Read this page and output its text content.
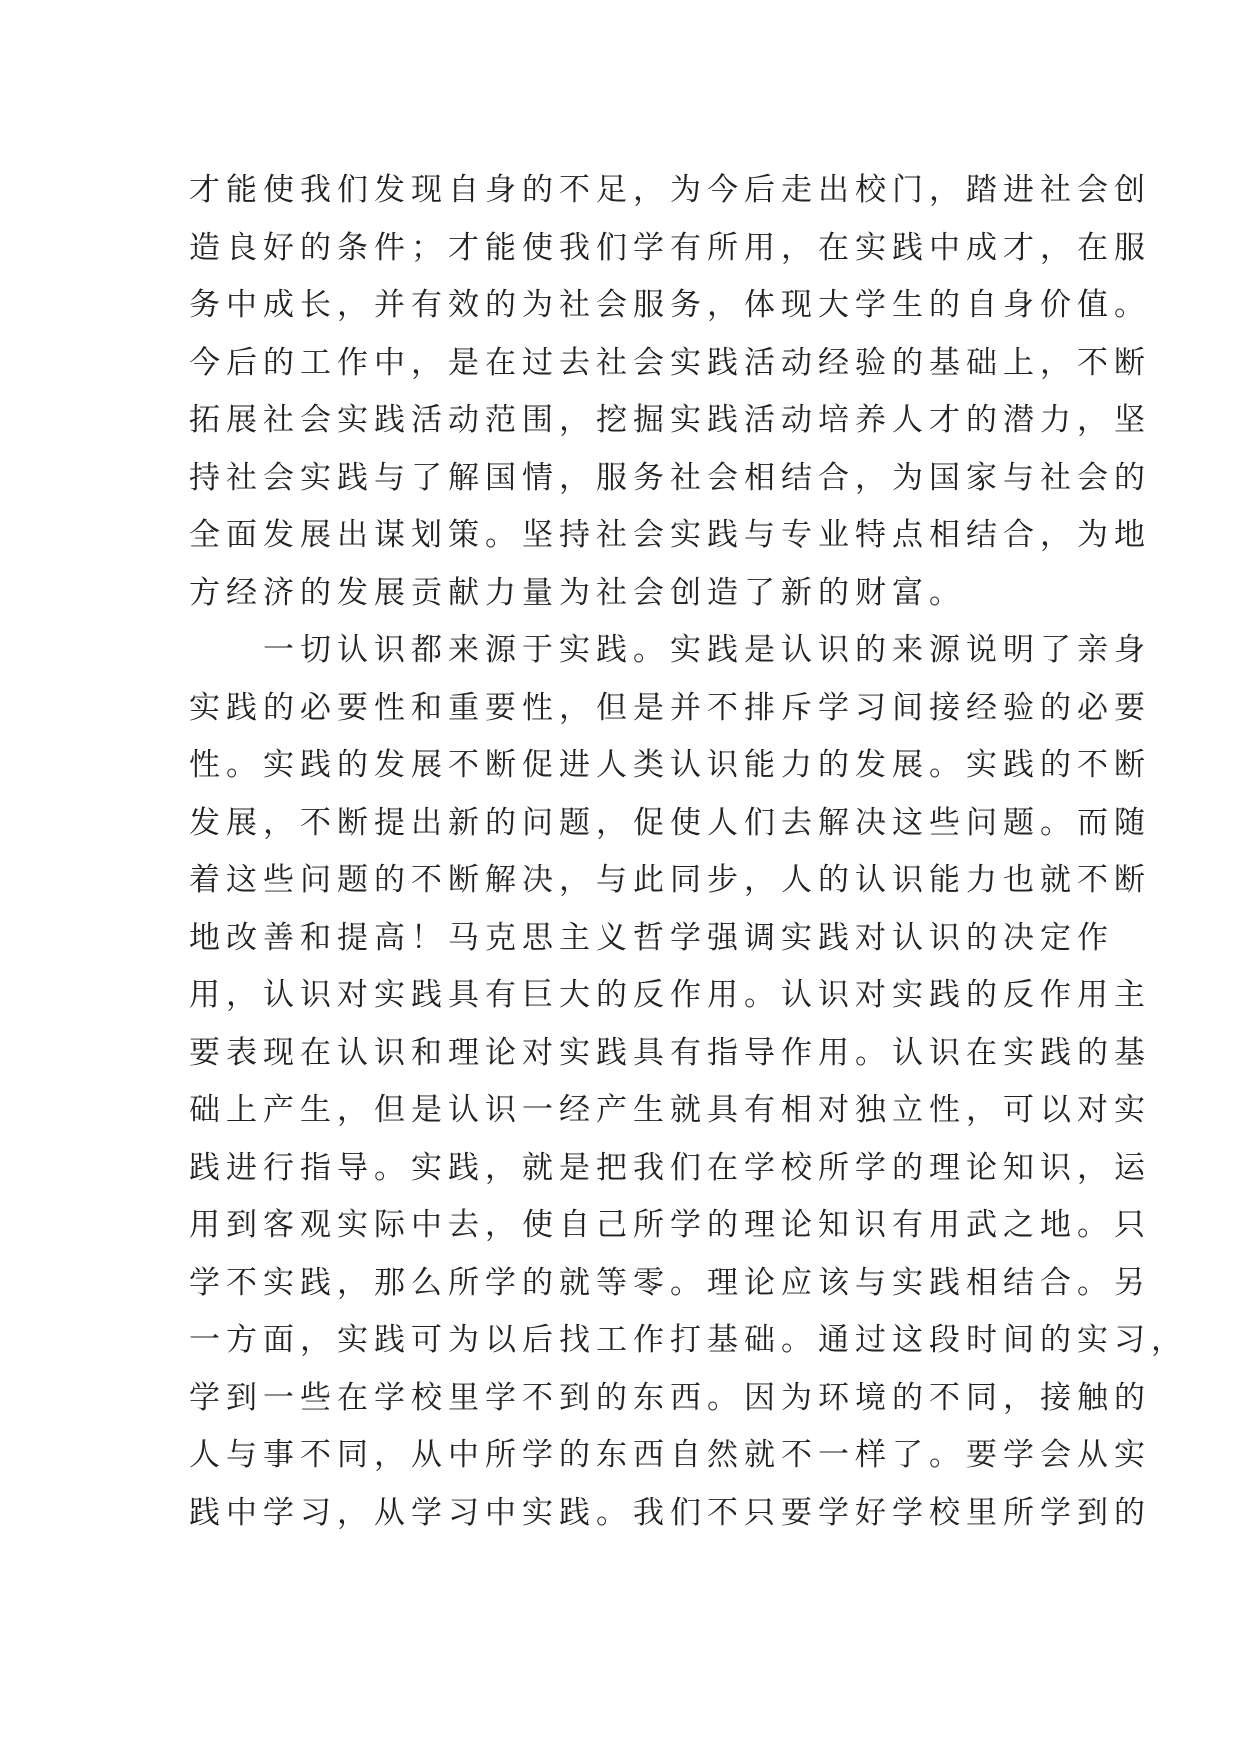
才能使我们发现自身的不足，为今后走出校门，踏进社会创
造良好的条件；才能使我们学有所用，在实践中成才，在服
务中成长，并有效的为社会服务，体现大学生的自身价值。
今后的工作中，是在过去社会实践活动经验的基础上，不断
拓展社会实践活动范围，挖掘实践活动培养人才的潜力，坚
持社会实践与了解国情，服务社会相结合，为国家与社会的
全面发展出谋划策。坚持社会实践与专业特点相结合，为地
方经济的发展贡献力量为社会创造了新的财富。
　　一切认识都来源于实践。实践是认识的来源说明了亲身
实践的必要性和重要性，但是并不排斥学习间接经验的必要
性。实践的发展不断促进人类认识能力的发展。实践的不断
发展，不断提出新的问题，促使人们去解决这些问题。而随
着这些问题的不断解决，与此同步，人的认识能力也就不断
地改善和提高！马克思主义哲学强调实践对认识的决定作
用，认识对实践具有巨大的反作用。认识对实践的反作用主
要表现在认识和理论对实践具有指导作用。认识在实践的基
础上产生，但是认识一经产生就具有相对独立性，可以对实
践进行指导。实践，就是把我们在学校所学的理论知识，运
用到客观实际中去，使自己所学的理论知识有用武之地。只
学不实践，那么所学的就等零。理论应该与实践相结合。另
一方面，实践可为以后找工作打基础。通过这段时间的实习，
学到一些在学校里学不到的东西。因为环境的不同，接触的
人与事不同，从中所学的东西自然就不一样了。要学会从实
践中学习，从学习中实践。我们不只要学好学校里所学到的
